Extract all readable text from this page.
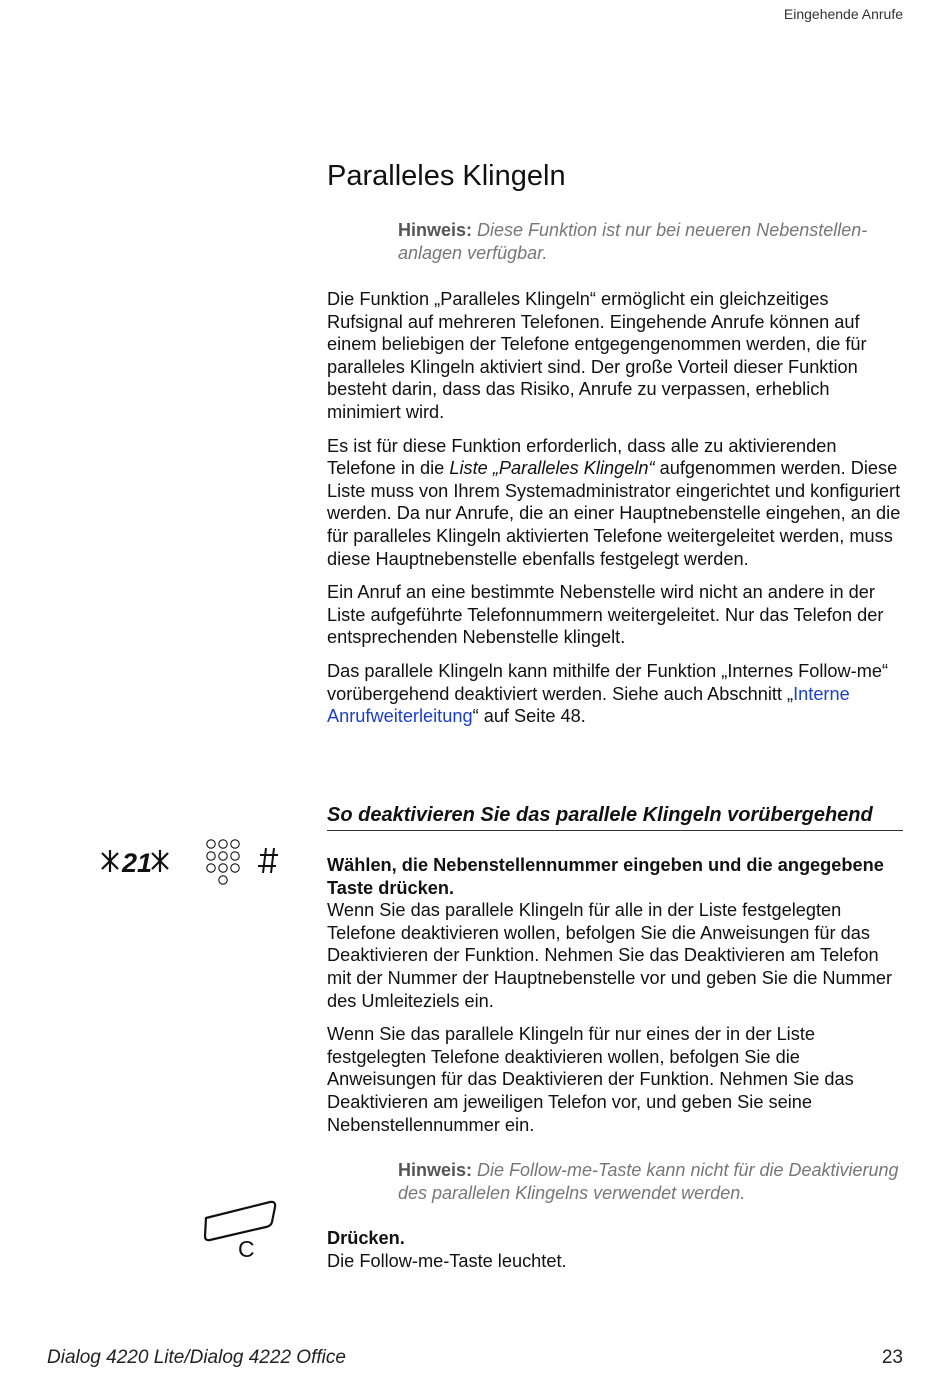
Eingehende Anrufe
Paralleles Klingeln
Hinweis: Diese Funktion ist nur bei neueren Nebenstellen-anlagen verfügbar.

Die Funktion „Paralleles Klingeln“ ermöglicht ein gleichzeitiges Rufsignal auf mehreren Telefonen. Eingehende Anrufe können auf einem beliebigen der Telefone entgegengenommen werden, die für paralleles Klingeln aktiviert sind. Der große Vorteil dieser Funktion besteht darin, dass das Risiko, Anrufe zu verpassen, erheblich minimiert wird.

Es ist für diese Funktion erforderlich, dass alle zu aktivierenden Telefone in die Liste „Paralleles Klingeln“ aufgenommen werden. Diese Liste muss von Ihrem Systemadministrator eingerichtet und konfiguriert werden. Da nur Anrufe, die an einer Hauptnebenstelle eingehen, an die für paralleles Klingeln aktivierten Telefone weitergeleitet werden, muss diese Hauptnebenstelle ebenfalls festgelegt werden.

Ein Anruf an eine bestimmte Nebenstelle wird nicht an andere in der Liste aufgeführte Telefonnummern weitergeleitet. Nur das Telefon der entsprechenden Nebenstelle klingelt.

Das parallele Klingeln kann mithilfe der Funktion „Internes Follow-me“ vorübergehend deaktiviert werden. Siehe auch Abschnitt „Interne Anrufweiterleitung“ auf Seite 48.

So deaktivieren Sie das parallele Klingeln vorübergehend
21	#	Wählen, die Nebenstellennummer eingeben und die angegebene Taste drücken.

Wenn Sie das parallele Klingeln für alle in der Liste festgelegten Telefone deaktivieren wollen, befolgen Sie die Anweisungen für das Deaktivieren der Funktion. Nehmen Sie das Deaktivieren am Telefon mit der Nummer der Hauptnebenstelle vor und geben Sie die Nummer des Umleiteziels ein.

Wenn Sie das parallele Klingeln für nur eines der in der Liste festgelegten Telefone deaktivieren wollen, befolgen Sie die Anweisungen für das Deaktivieren der Funktion. Nehmen Sie das Deaktivieren am jeweiligen Telefon vor, und geben Sie seine Nebenstellennummer ein.

Hinweis: Die Follow-me-Taste kann nicht für die Deaktivierung des parallelen Klingelns verwendet werden.
C	Drücken.

Die Follow-me-Taste leuchtet.

Dialog 4220 Lite/Dialog 4222 Office	23
